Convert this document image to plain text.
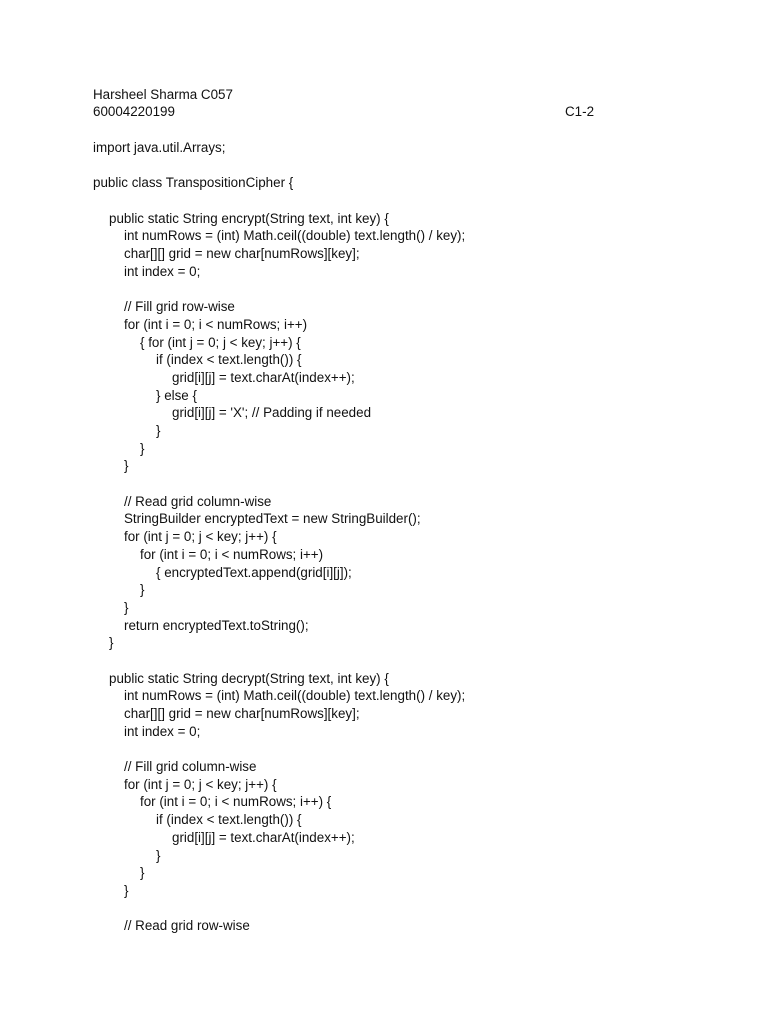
Harsheel Sharma C057
60004220199	C1-2
import java.util.Arrays;
public class TranspositionCipher {
public static String encrypt(String text, int key) {
int numRows = (int) Math.ceil((double) text.length() / key);
char[][] grid = new char[numRows][key];
int index = 0;
// Fill grid row-wise
for (int i = 0; i < numRows; i++)
{ for (int j = 0; j < key; j++) {
if (index < text.length()) {
grid[i][j] = text.charAt(index++);
} else {
grid[i][j] = 'X'; // Padding if needed
}
}
}
// Read grid column-wise
StringBuilder encryptedText = new StringBuilder();
for (int j = 0; j < key; j++) {
for (int i = 0; i < numRows; i++)
{ encryptedText.append(grid[i][j]);
}
}
return encryptedText.toString();
}
public static String decrypt(String text, int key) {
int numRows = (int) Math.ceil((double) text.length() / key);
char[][] grid = new char[numRows][key];
int index = 0;
// Fill grid column-wise
for (int j = 0; j < key; j++) {
for (int i = 0; i < numRows; i++) {
if (index < text.length()) {
grid[i][j] = text.charAt(index++);
}
}
}
// Read grid row-wise
